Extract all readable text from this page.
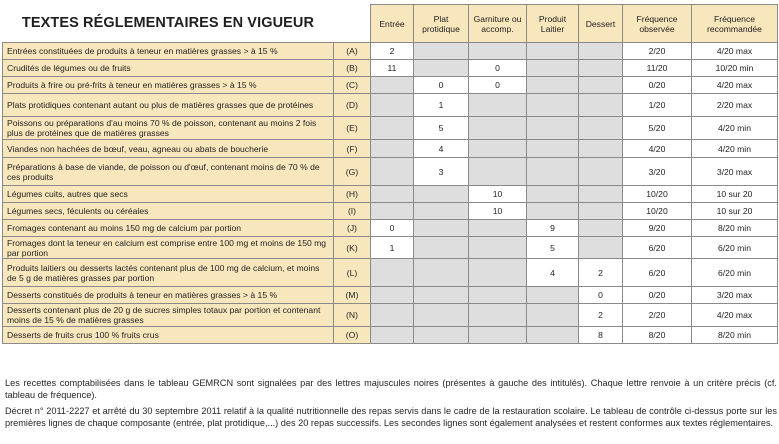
TEXTES RÉGLEMENTAIRES EN VIGUEUR		Entrée	Plat protidique	Garniture ou accomp.	Produit Laitier	Dessert	Fréquence observée	Fréquence recommandée
Entrées constituées de produits à teneur en matières grasses > à 15 %	(A)	2					2/20	4/20 max
Crudités de légumes ou de fruits	(B)	11		0			11/20	10/20 min
Produits à frire ou pré-frits à teneur en matières grasses > à 15 %	(C)		0	0			0/20	4/20 max
Plats protidiques contenant autant ou plus de matières grasses que de protéines	(D)		1				1/20	2/20 max
Poissons ou préparations d'au moins 70 % de poisson, contenant au moins 2 fois plus de protéines que de matières grasses	(E)		5				5/20	4/20 min
Viandes non hachées de bœuf, veau, agneau ou abats de boucherie	(F)		4				4/20	4/20 min
Préparations à base de viande, de poisson ou d'œuf, contenant moins de 70 % de ces produits	(G)		3				3/20	3/20 max
Légumes cuits, autres que secs	(H)			10			10/20	10 sur 20
Légumes secs, féculents ou céréales	(I)			10			10/20	10 sur 20
Fromages contenant au moins 150 mg de calcium par portion	(J)	0			9		9/20	8/20 min
Fromages dont la teneur en calcium est comprise entre 100 mg et moins de 150 mg par portion	(K)	1			5		6/20	6/20 min
Produits laitiers ou desserts lactés contenant plus de 100 mg de calcium, et moins de 5 g de matières grasses par portion	(L)				4	2	6/20	6/20 min
Desserts constitués de produits à teneur en matières grasses > à 15 %	(M)					0	0/20	3/20 max
Desserts contenant plus de 20 g de sucres simples totaux par portion et contenant moins de 15 % de matières grasses	(N)					2	2/20	4/20 max
Desserts de fruits crus 100 % fruits crus	(O)					8	8/20	8/20 min

Les recettes comptabilisées dans le tableau GEMRCN sont signalées par des lettres majuscules noires (présentes à gauche des intitulés). Chaque lettre renvoie à un critère précis (cf. tableau de fréquence).

Décret n° 2011-2227 et arrêté du 30 septembre 2011 relatif à la qualité nutritionnelle des repas servis dans le cadre de la restauration scolaire. Le tableau de contrôle ci-dessus porte sur les premières lignes de chaque composante (entrée, plat protidique,...) des 20 repas successifs. Les secondes lignes sont également analysées et restent conformes aux textes réglementaires.
